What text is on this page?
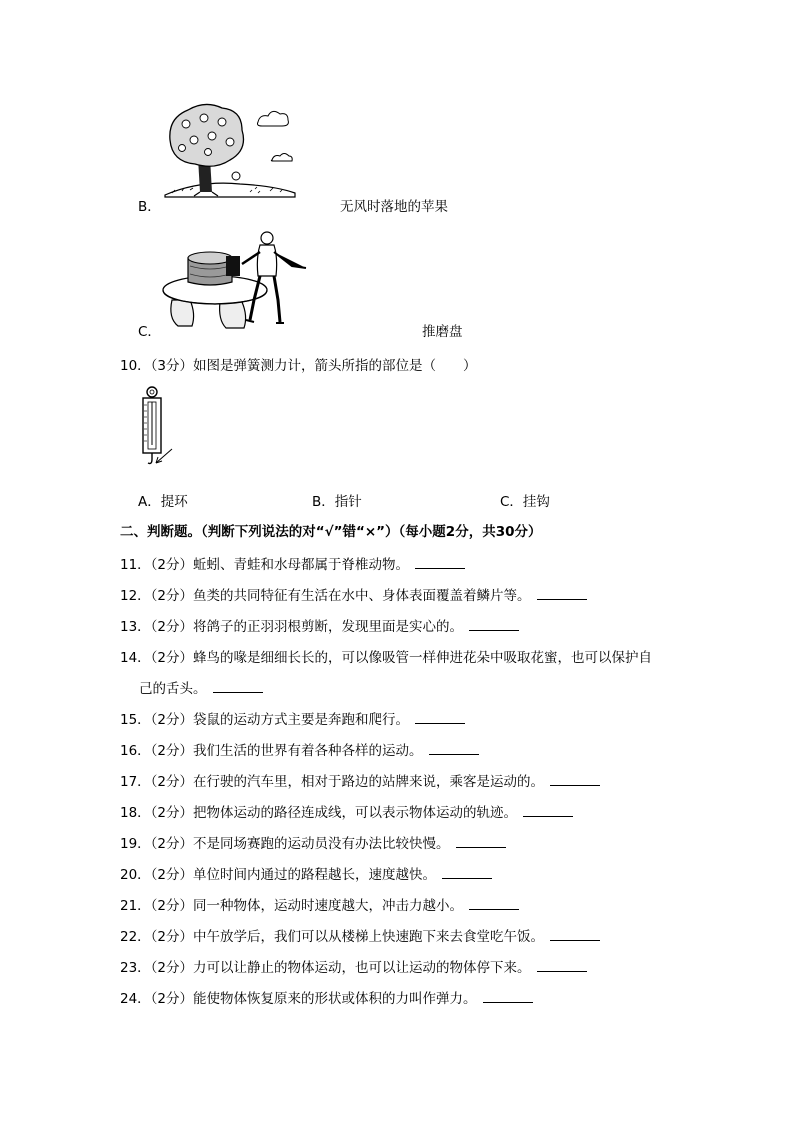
B．	无风时落地的苹果
C．	推磨盘
10．（3分）如图是弹簧测力计，箭头所指的部位是（　　）
A．提环	B．指针	C．挂钩
二、判断题。（判断下列说法的对“√”错“×”）（每小题2分，共30分）
11．（2分）蚯蚓、青蛙和水母都属于脊椎动物。
12．（2分）鱼类的共同特征有生活在水中、身体表面覆盖着鳞片等。
13．（2分）将鸽子的正羽羽根剪断，发现里面是实心的。
14．（2分）蜂鸟的喙是细细长长的，可以像吸管一样伸进花朵中吸取花蜜，也可以保护自
己的舌头。
15．（2分）袋鼠的运动方式主要是奔跑和爬行。
16．（2分）我们生活的世界有着各种各样的运动。
17．（2分）在行驶的汽车里，相对于路边的站牌来说，乘客是运动的。
18．（2分）把物体运动的路径连成线，可以表示物体运动的轨迹。
19．（2分）不是同场赛跑的运动员没有办法比较快慢。
20．（2分）单位时间内通过的路程越长，速度越快。
21．（2分）同一种物体，运动时速度越大，冲击力越小。
22．（2分）中午放学后，我们可以从楼梯上快速跑下来去食堂吃午饭。
23．（2分）力可以让静止的物体运动，也可以让运动的物体停下来。
24．（2分）能使物体恢复原来的形状或体积的力叫作弹力。
